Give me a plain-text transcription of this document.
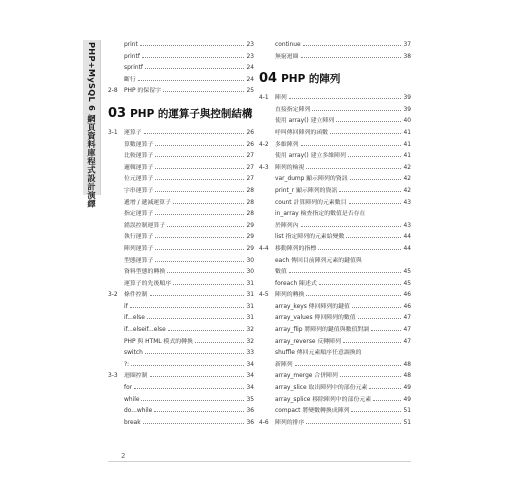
PHP+MySQL 6 網頁資料庫程式設計演繹	print	23
printf	23
sprintf	24
斷行	24
2-8	PHP 的保留字	25
03 PHP 的運算子與控制結構
3-1	運算子	26
算數運算子	26
比較運算子	27
邏輯運算子	27
位元運算子	27
字串運算子	28
遞增 / 遞減運算子	28
指定運算子	28
錯誤控制運算子	29
執行運算子	29
陣列運算子	29
型態運算子	30
資料型態的轉換	30
運算子的先後順序	31
3-2	條件控制	31
if	31
if...else	31
if...elseif...else	32
PHP 與 HTML 模式的轉換	32
switch	33
?:	34
3-3	迴圈控制	34
for	34
while	35
do...while	36
break	36
continue	37
無窮迴圈	38
04 PHP 的陣列
4-1	陣列	39
直接指定陣列	39
使用 array() 建立陣列	40
呼叫傳回陣列的函數	41
4-2	多維陣列	41
使用 array() 建立多維陣列	41
4-3	陣列的檢視	42
var_dump 顯示陣列的資訊	42
print_r 顯示陣列的資訊	42
count 計算陣列的元素數目	43
in_array 檢查指定的數值是否存在
於陣列內	43
list 指定陣列的元素給變數	44
4-4	移動陣列的指標	44
each 傳回目前陣列元素的鍵值與
數值	45
foreach 陳述式	45
4-5	陣列的轉換	46
array_keys 傳回陣列的鍵值	46
array_values 傳回陣列的數值	47
array_flip 將陣列的鍵值與數值對調	47
array_reverse 反轉陣列	47
shuffle 傳回元素順序任意調換的
新陣列	48
array_merge 合併陣列	48
array_slice 取出陣列中的部份元素	49
array_splice 移除陣列中的部份元素	49
compact 將變數轉換成陣列	51
4-6	陣列的排序	51
2
